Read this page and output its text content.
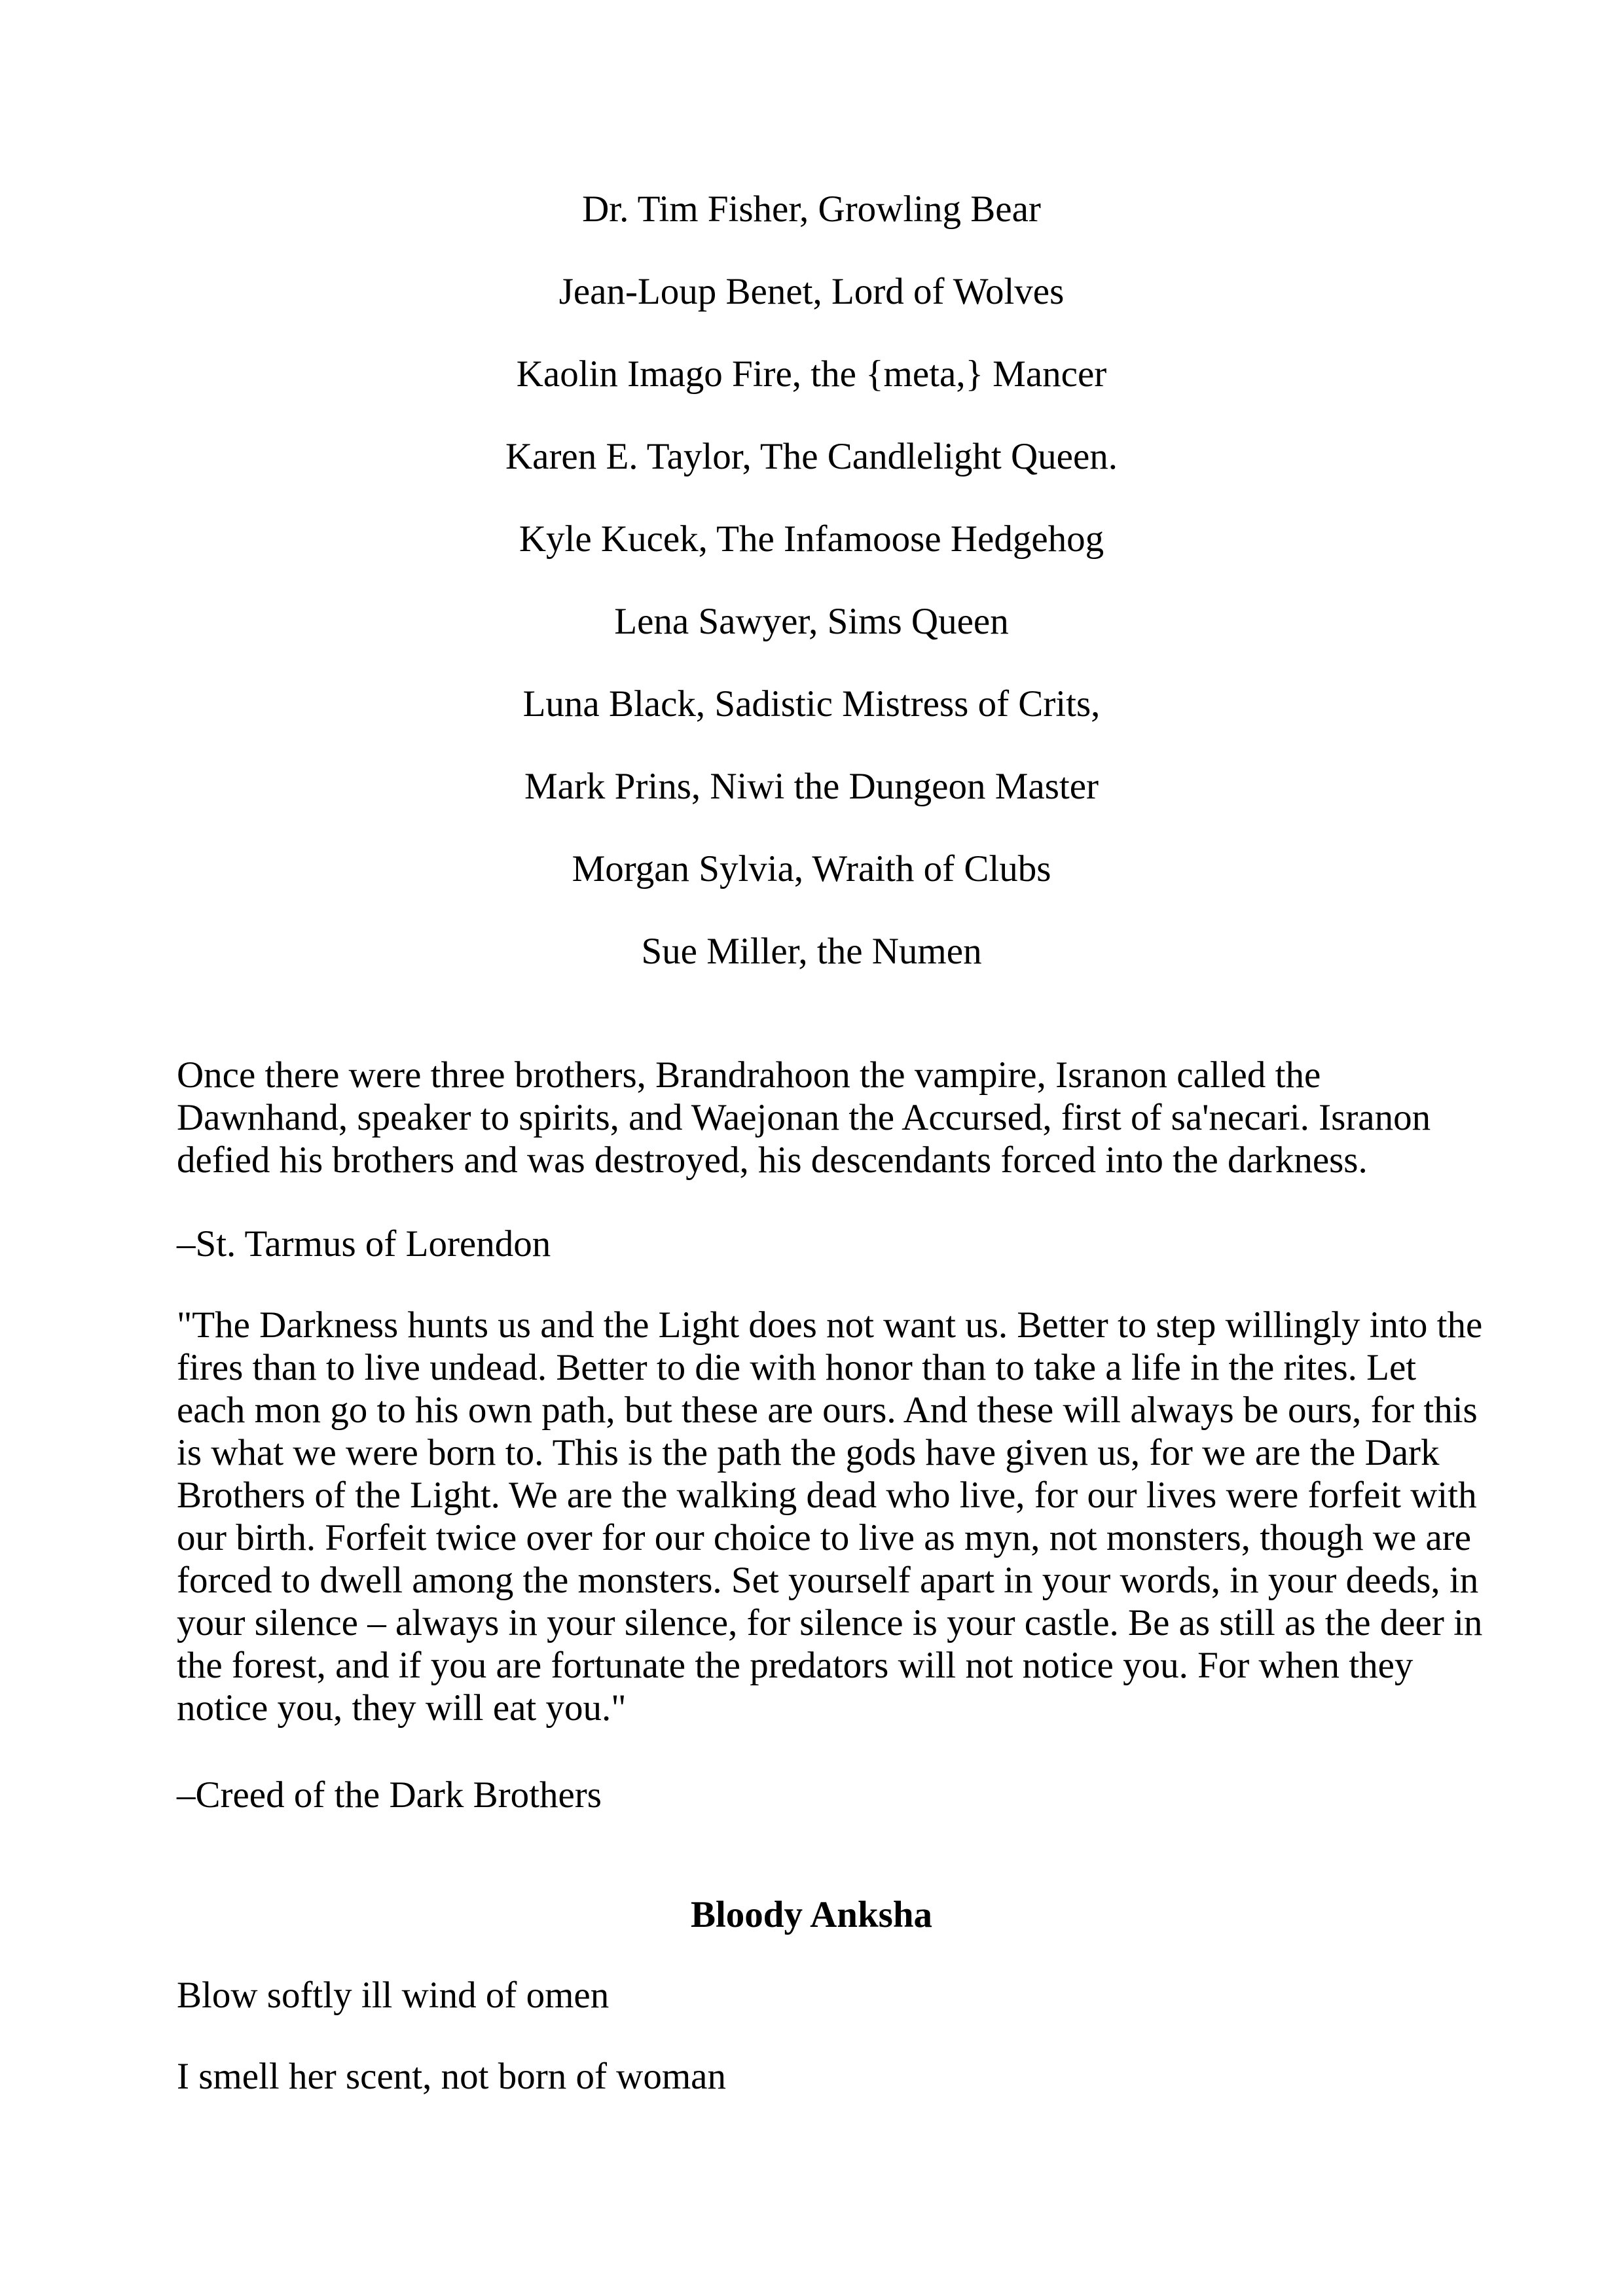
Dr. Tim Fisher, Growling Bear
Jean-Loup Benet, Lord of Wolves
Kaolin Imago Fire, the {meta,} Mancer
Karen E. Taylor, The Candlelight Queen.
Kyle Kucek, The Infamoose Hedgehog
Lena Sawyer, Sims Queen
Luna Black, Sadistic Mistress of Crits,
Mark Prins, Niwi the Dungeon Master
Morgan Sylvia, Wraith of Clubs
Sue Miller, the Numen

Once there were three brothers, Brandrahoon the vampire, Isranon called the Dawnhand, speaker to spirits, and Waejonan the Accursed, first of sa'necari. Isranon defied his brothers and was destroyed, his descendants forced into the darkness.

–St. Tarmus of Lorendon

"The Darkness hunts us and the Light does not want us. Better to step willingly into the fires than to live undead. Better to die with honor than to take a life in the rites. Let each mon go to his own path, but these are ours. And these will always be ours, for this is what we were born to. This is the path the gods have given us, for we are the Dark Brothers of the Light. We are the walking dead who live, for our lives were forfeit with our birth. Forfeit twice over for our choice to live as myn, not monsters, though we are forced to dwell among the monsters. Set yourself apart in your words, in your deeds, in your silence – always in your silence, for silence is your castle. Be as still as the deer in the forest, and if you are fortunate the predators will not notice you. For when they notice you, they will eat you."

–Creed of the Dark Brothers

Bloody Anksha

Blow softly ill wind of omen

I smell her scent, not born of woman
